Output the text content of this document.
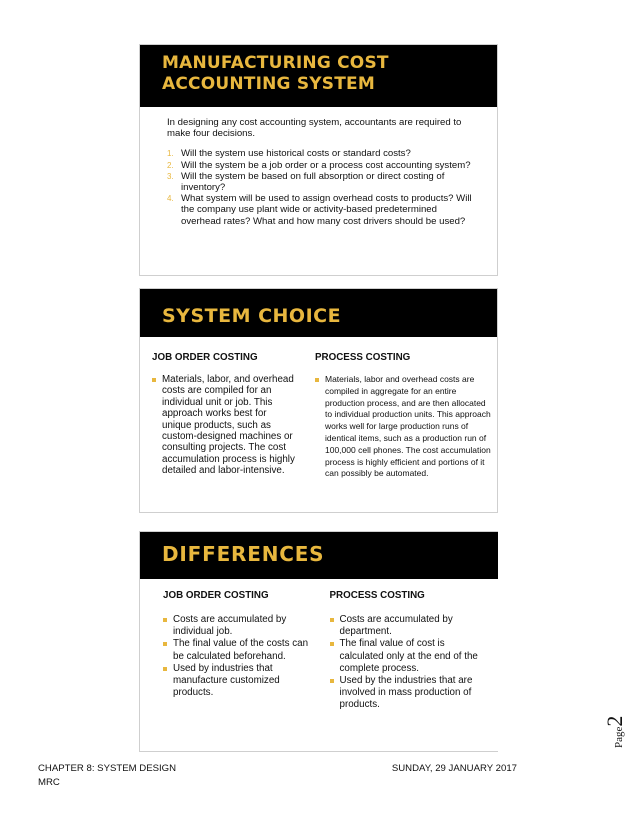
MANUFACTURING COST
ACCOUNTING SYSTEM

In designing any cost accounting system, accountants are required to make four decisions.

1. Will the system use historical costs or standard costs?
2. Will the system be a job order or a process cost accounting system?
3. Will the system be based on full absorption or direct costing of inventory?
4. What system will be used to assign overhead costs to products? Will the company use plant wide or activity-based predetermined overhead rates? What and how many cost drivers should be used?
SYSTEM CHOICE

JOB ORDER COSTING

Materials, labor, and overhead costs are compiled for an individual unit or job. This approach works best for unique products, such as custom-designed machines or consulting projects. The cost accumulation process is highly detailed and labor-intensive.

PROCESS COSTING

Materials, labor and overhead costs are compiled in aggregate for an entire production process, and are then allocated to individual production units. This approach works well for large production runs of identical items, such as a production run of 100,000 cell phones. The cost accumulation process is highly efficient and portions of it can possibly be automated.
DIFFERENCES

JOB ORDER COSTING

Costs are accumulated by individual job.
The final value of the costs can be calculated beforehand.
Used by industries that manufacture customized products.

PROCESS COSTING

Costs are accumulated by department.
The final value of cost is calculated only at the end of the complete process.
Used by the industries that are involved in mass production of products.
Page2
CHAPTER 8: SYSTEM DESIGN
MRC
SUNDAY, 29 JANUARY 2017
